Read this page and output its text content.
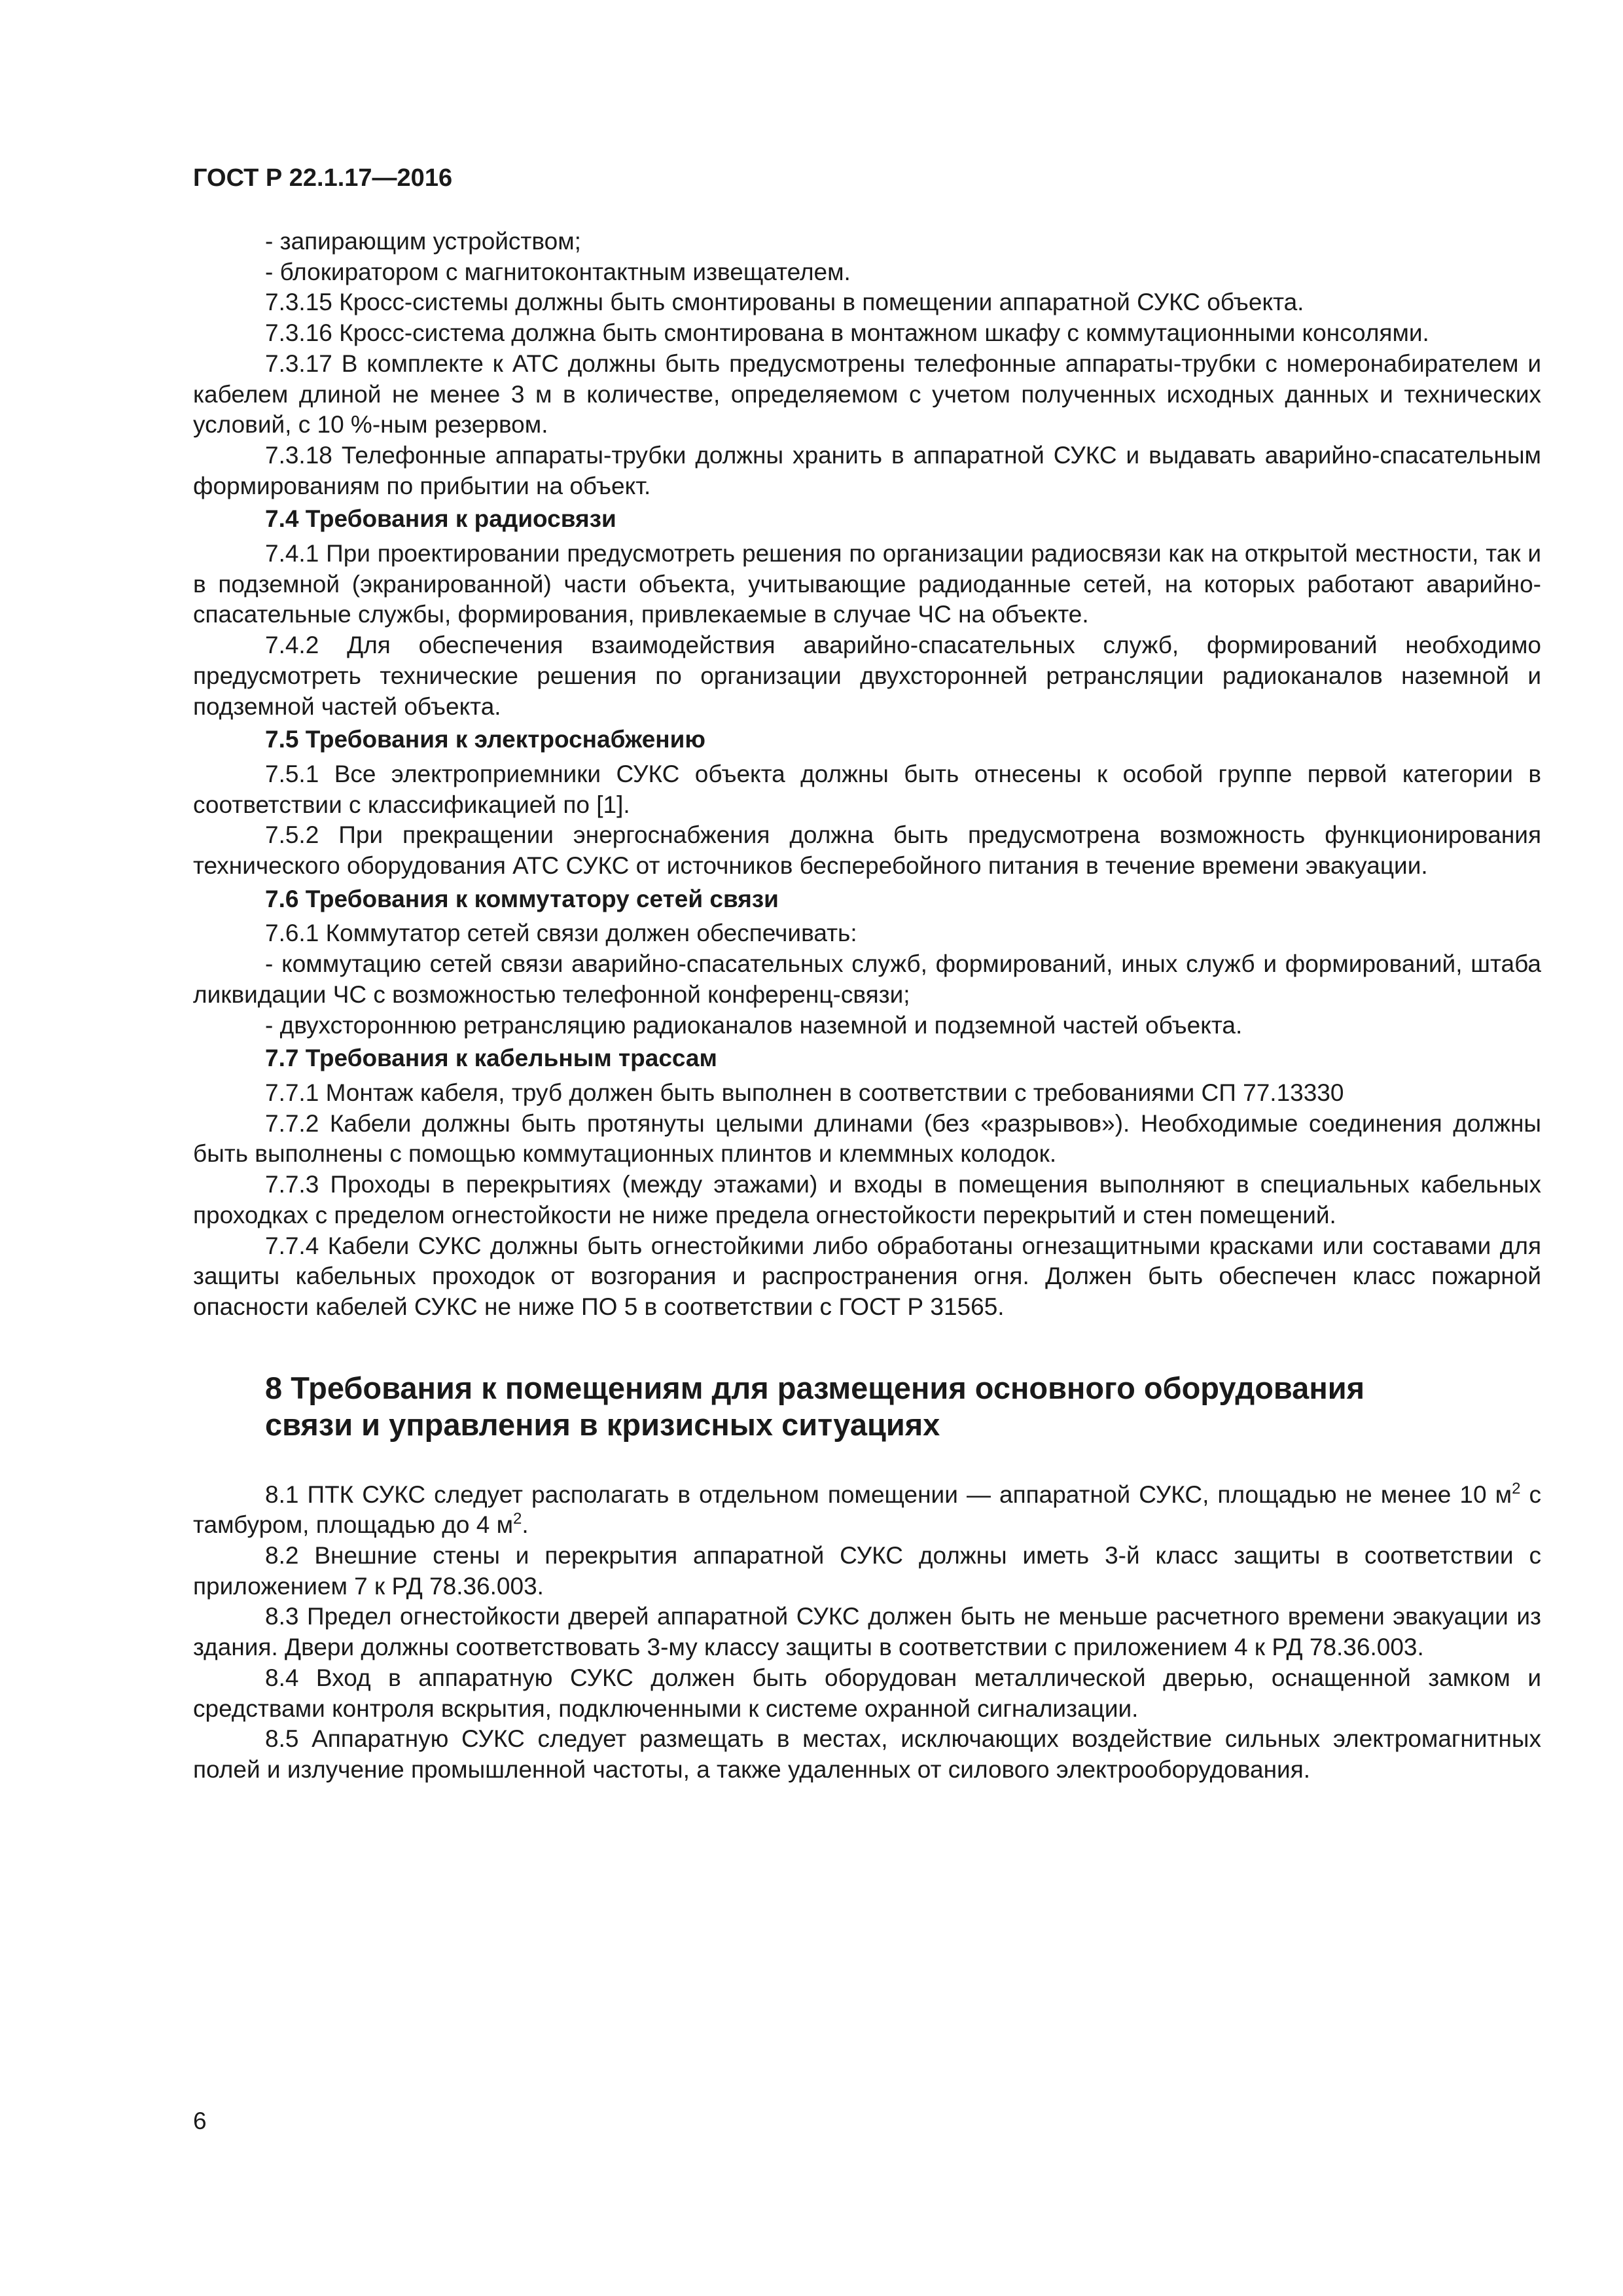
ГОСТ Р 22.1.17—2016

- запирающим устройством;

- блокиратором с магнитоконтактным извещателем.

7.3.15 Кросс-системы должны быть смонтированы в помещении аппаратной СУКС объекта.

7.3.16 Кросс-система должна быть смонтирована в монтажном шкафу с коммутационными консолями.

7.3.17 В комплекте к АТС должны быть предусмотрены телефонные аппараты-трубки с номеронабирателем и кабелем длиной не менее 3 м в количестве, определяемом с учетом полученных исходных данных и технических условий, с 10 %-ным резервом.

7.3.18 Телефонные аппараты-трубки должны хранить в аппаратной СУКС и выдавать аварийно-спасательным формированиям по прибытии на объект.

7.4 Требования к радиосвязи

7.4.1 При проектировании предусмотреть решения по организации радиосвязи как на открытой местности, так и в подземной (экранированной) части объекта, учитывающие радиоданные сетей, на которых работают аварийно-спасательные службы, формирования, привлекаемые в случае ЧС на объекте.

7.4.2 Для обеспечения взаимодействия аварийно-спасательных служб, формирований необходимо предусмотреть технические решения по организации двухсторонней ретрансляции радиоканалов наземной и подземной частей объекта.

7.5 Требования к электроснабжению

7.5.1 Все электроприемники СУКС объекта должны быть отнесены к особой группе первой категории в соответствии с классификацией по [1].

7.5.2 При прекращении энергоснабжения должна быть предусмотрена возможность функционирования технического оборудования АТС СУКС от источников бесперебойного питания в течение времени эвакуации.

7.6 Требования к коммутатору сетей связи

7.6.1 Коммутатор сетей связи должен обеспечивать:

- коммутацию сетей связи аварийно-спасательных служб, формирований, иных служб и формирований, штаба ликвидации ЧС с возможностью телефонной конференц-связи;

- двухстороннюю ретрансляцию радиоканалов наземной и подземной частей объекта.

7.7 Требования к кабельным трассам

7.7.1 Монтаж кабеля, труб должен быть выполнен в соответствии с требованиями СП 77.13330

7.7.2 Кабели должны быть протянуты целыми длинами (без «разрывов»). Необходимые соединения должны быть выполнены с помощью коммутационных плинтов и клеммных колодок.

7.7.3 Проходы в перекрытиях (между этажами) и входы в помещения выполняют в специальных кабельных проходках с пределом огнестойкости не ниже предела огнестойкости перекрытий и стен помещений.

7.7.4 Кабели СУКС должны быть огнестойкими либо обработаны огнезащитными красками или составами для защиты кабельных проходок от возгорания и распространения огня. Должен быть обеспечен класс пожарной опасности кабелей СУКС не ниже ПО 5 в соответствии с ГОСТ Р 31565.

8 Требования к помещениям для размещения основного оборудования
связи и управления в кризисных ситуациях

8.1 ПТК СУКС следует располагать в отдельном помещении — аппаратной СУКС, площадью не менее 10 $м^2$ с тамбуром, площадью до 4 $м^2$.

8.2 Внешние стены и перекрытия аппаратной СУКС должны иметь 3-й класс защиты в соответствии с приложением 7 к РД 78.36.003.

8.3 Предел огнестойкости дверей аппаратной СУКС должен быть не меньше расчетного времени эвакуации из здания. Двери должны соответствовать 3-му классу защиты в соответствии с приложением 4 к РД 78.36.003.

8.4 Вход в аппаратную СУКС должен быть оборудован металлической дверью, оснащенной замком и средствами контроля вскрытия, подключенными к системе охранной сигнализации.

8.5 Аппаратную СУКС следует размещать в местах, исключающих воздействие сильных электромагнитных полей и излучение промышленной частоты, а также удаленных от силового электрооборудования.

6
